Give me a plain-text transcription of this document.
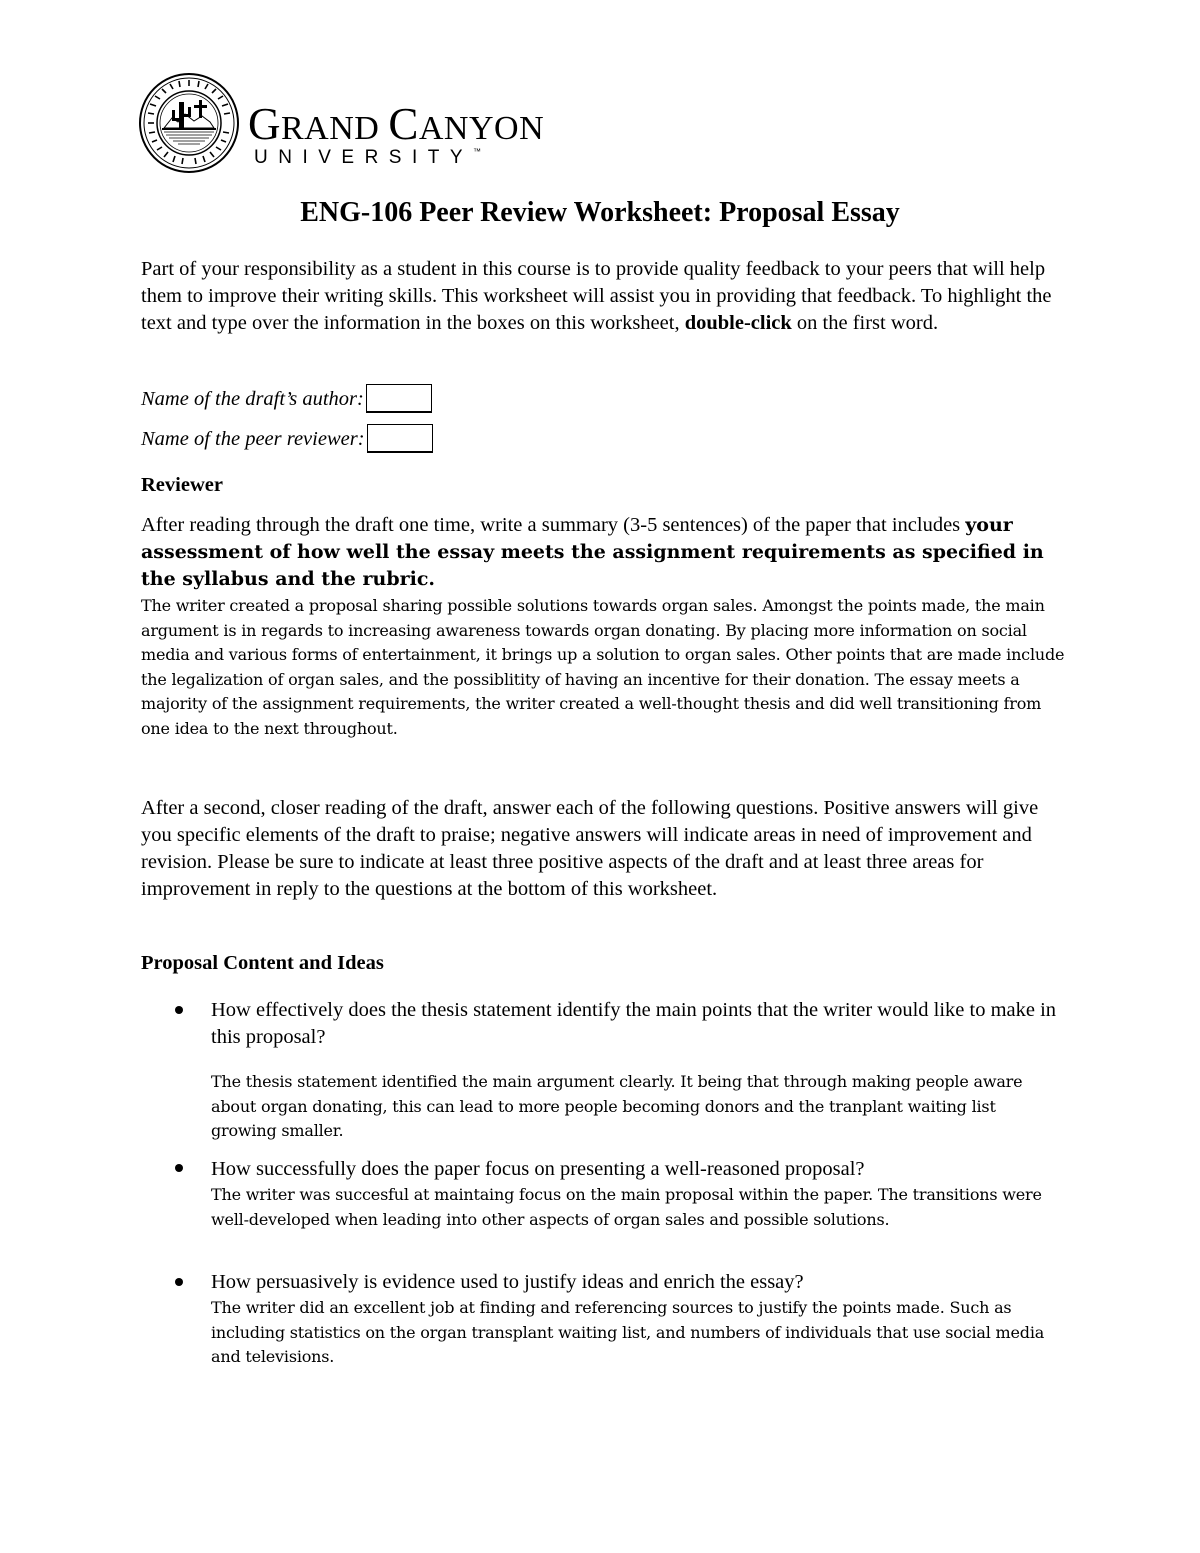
GRAND CANYON
UNIVERSITY™
ENG-106 Peer Review Worksheet: Proposal Essay
Part of your responsibility as a student in this course is to provide quality feedback to your peers that will help them to improve their writing skills. This worksheet will assist you in providing that feedback. To highlight the text and type over the information in the boxes on this worksheet, double-click on the first word.
Name of the draft’s author:
Name of the peer reviewer:
Reviewer
After reading through the draft one time, write a summary (3-5 sentences) of the paper that includes your assessment of how well the essay meets the assignment requirements as specified in the syllabus and the rubric.
The writer created a proposal sharing possible solutions towards organ sales. Amongst the points made, the main argument is in regards to increasing awareness towards organ donating. By placing more information on social media and various forms of entertainment, it brings up a solution to organ sales. Other points that are made include the legalization of organ sales, and the possiblitity of having an incentive for their donation. The essay meets a majority of the assignment requirements, the writer created a well-thought thesis and did well transitioning from one idea to the next throughout.
After a second, closer reading of the draft, answer each of the following questions. Positive answers will give you specific elements of the draft to praise; negative answers will indicate areas in need of improvement and revision. Please be sure to indicate at least three positive aspects of the draft and at least three areas for improvement in reply to the questions at the bottom of this worksheet.
Proposal Content and Ideas
How effectively does the thesis statement identify the main points that the writer would like to make in this proposal?
The thesis statement identified the main argument clearly. It being that through making people aware about organ donating, this can lead to more people becoming donors and the tranplant waiting list growing smaller.
How successfully does the paper focus on presenting a well-reasoned proposal?
The writer was succesful at maintaing focus on the main proposal within the paper. The transitions were well-developed when leading into other aspects of organ sales and possible solutions.
How persuasively is evidence used to justify ideas and enrich the essay?
The writer did an excellent job at finding and referencing sources to justify the points made. Such as including statistics on the organ transplant waiting list, and numbers of individuals that use social media and televisions.
